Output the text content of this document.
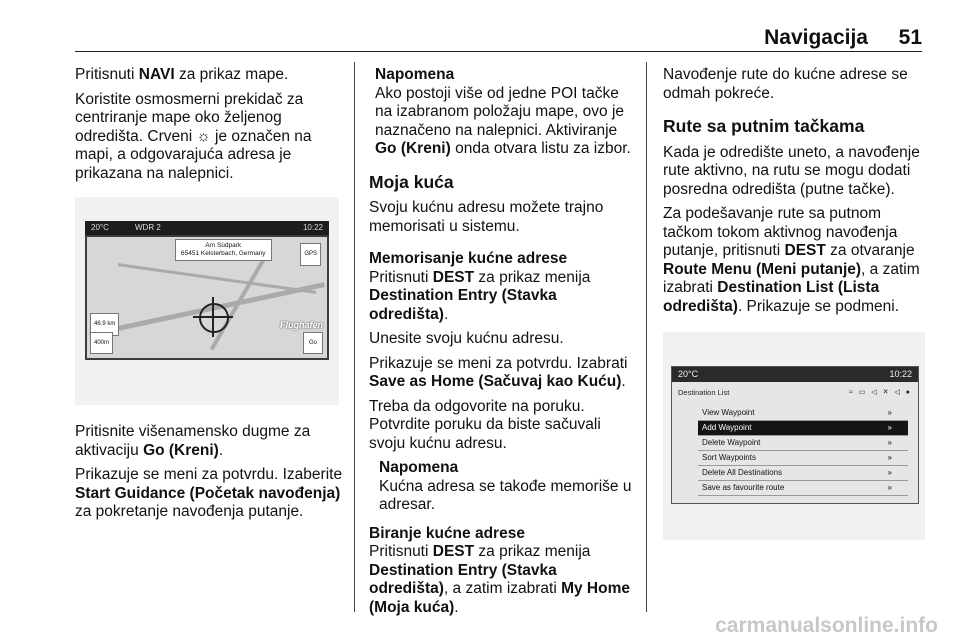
Navigacija 51

Pritisnuti NAVI za prikaz mape.

Koristite osmosmerni prekidač za centriranje mape oko željenog odredišta. Crveni ☼ je označen na mapi, a odgovarajuća adresa je prikazana na nalepnici.

20°C	WDR 2	10:22
Am Südpark
65451 Kelsterbach, Germany	GPS
46.9 km
400m
Flughafen
Go

Pritisnite višenamensko dugme za aktivaciju Go (Kreni).

Prikazuje se meni za potvrdu. Izaberite Start Guidance (Početak navođenja) za pokretanje navođenja putanje.

Napomena
Ako postoji više od jedne POI tačke na izabranom položaju mape, ovo je naznačeno na nalepnici. Aktiviranje Go (Kreni) onda otvara listu za izbor.
Moja kuća

Svoju kućnu adresu možete trajno memorisati u sistemu.

Memorisanje kućne adrese

Pritisnuti DEST za prikaz menija Destination Entry (Stavka odredišta).

Unesite svoju kućnu adresu.

Prikazuje se meni za potvrdu. Izabrati Save as Home (Sačuvaj kao Kuću).

Treba da odgovorite na poruku. Potvrdite poruku da biste sačuvali svoju kućnu adresu.

Napomena
Kućna adresa se takođe memoriše u adresar.
Biranje kućne adrese

Pritisnuti DEST za prikaz menija Destination Entry (Stavka odredišta), a zatim izabrati My Home (Moja kuća).

Navođenje rute do kućne adrese se odmah pokreće.

Rute sa putnim tačkama

Kada je odredište uneto, a navođenje rute aktivno, na rutu se mogu dodati posredna odredišta (putne tačke).

Za podešavanje rute sa putnom tačkom tokom aktivnog navođenja putanje, pritisnuti DEST za otvaranje Route Menu (Meni putanje), a zatim izabrati Destination List (Lista odredišta). Prikazuje se podmeni.

20°C	10:22
Destination List	≈ ▭ ◁ ✕ ◁ ●
View Waypoint	»
Add Waypoint	»
Delete Waypoint	»
Sort Waypoints	»
Delete All Destinations	»
Save as favourite route	»
carmanualsonline.info
